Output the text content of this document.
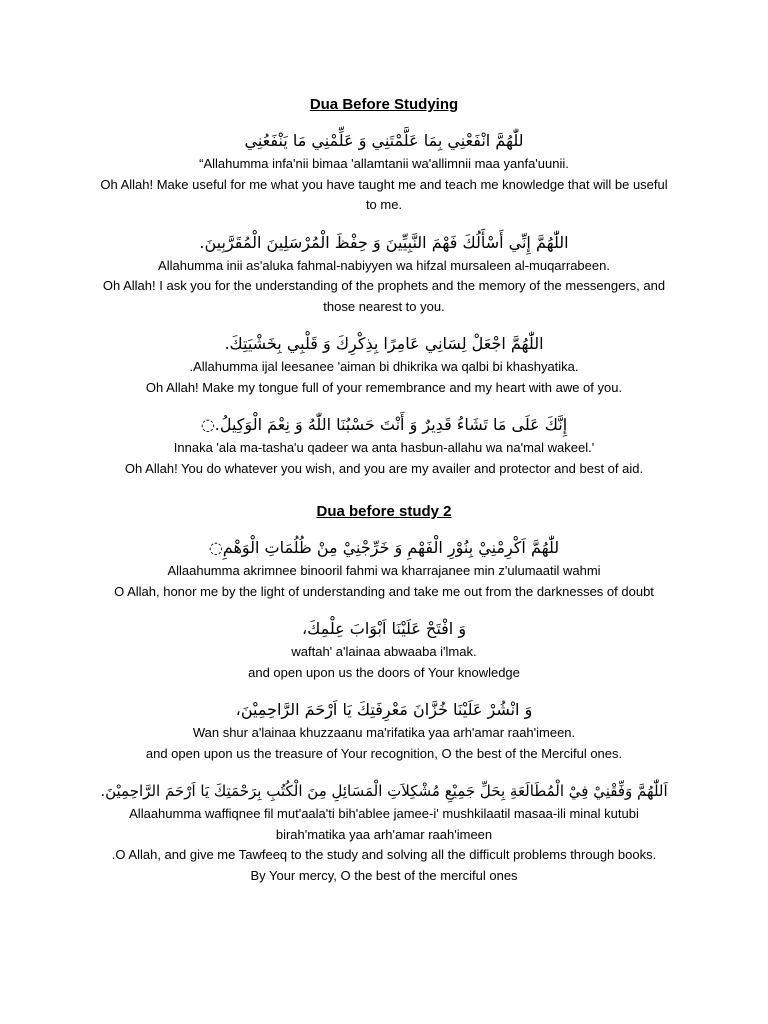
Dua Before Studying

للّٰهُمَّ انْفَعْنِي بِمَا عَلَّمْتَنِي وَ عَلِّمْنِي مَا يَنْفَعُنِي

“Allahumma infa'nii bimaa 'allamtanii wa'allimnii maa yanfa'uunii.

Oh Allah! Make useful for me what you have taught me and teach me knowledge that will be useful to me.

اللّٰهُمَّ إِنِّي أَسْأَلُكَ فَهْمَ النَّبِيِّينَ وَ حِفْظَ الْمُرْسَلِينَ الْمُقَرَّبِينَ.

Allahumma inii as'aluka fahmal-nabiyyen wa hifzal mursaleen al-muqarrabeen.

Oh Allah! I ask you for the understanding of the prophets and the memory of the messengers, and those nearest to you.

اللّٰهُمَّ اجْعَلْ لِسَانِي عَامِرًا بِذِكْرِكَ وَ قَلْبِي بِخَشْيَتِكَ.

.Allahumma ijal leesanee 'aiman bi dhikrika wa qalbi bi khashyatika.

Oh Allah! Make my tongue full of your remembrance and my heart with awe of you.

إِنَّكَ عَلَى مَا تَشَاءُ قَدِيرٌ وَ أَنْتَ حَسْبُنَا اللّٰهُ وَ نِعْمَ الْوَكِيلُ.◌

Innaka 'ala ma-tasha'u qadeer wa anta hasbun-allahu wa na'mal wakeel.'

Oh Allah! You do whatever you wish, and you are my availer and protector and best of aid.

Dua before study 2

للّٰهُمَّ اَكْرِمْنِيْ بِنُوْرِ الْفَهْمِ وَ خَرِّجْنِيْ مِنْ ظُلُمَاتِ الْوَهْمِ◌

Allaahumma akrimnee binooril fahmi wa kharrajanee min z'ulumaatil wahmi

O Allah, honor me by the light of understanding and take me out from the darknesses of doubt

وَ افْتَحْ عَلَيْنَا اَبْوَابَ عِلْمِكَ،

waftah' a'lainaa abwaaba i'lmak.

and open upon us the doors of Your knowledge

وَ انْشُرْ عَلَيْنَا خُزَّانَ مَعْرِفَتِكَ يَا اَرْحَمَ الرَّاحِمِيْنَ،

Wan shur a'lainaa khuzzaanu ma'rifatika yaa arh'amar raah'imeen.

and open upon us the treasure of Your recognition, O the best of the Merciful ones.

اَللّٰهُمَّ وَفِّقْنِيْ فِيْ الْمُطَالَعَةِ بِحَلِّ جَمِيْعِ مُشْكِلاَتِ الْمَسَائِلِ مِنَ الْكُتُبِ بِرَحْمَتِكَ يَا اَرْحَمَ الرَّاحِمِيْنَ.

Allaahumma waffiqnee fil mut'aala'ti bih'ablee jamee-i' mushkilaatil masaa-ili minal kutubi birah'matika yaa arh'amar raah'imeen

.O Allah, and give me Tawfeeq to the study and solving all the difficult problems through books.

By Your mercy, O the best of the merciful ones
